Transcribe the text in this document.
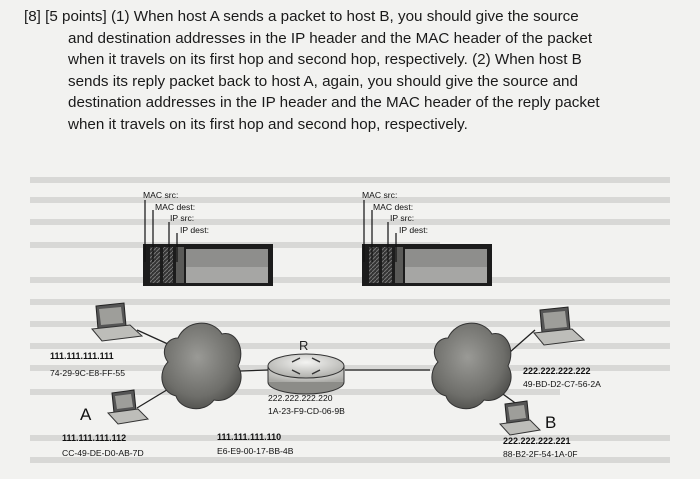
[8] [5 points] (1) When host A sends a packet to host B, you should give the source
and destination addresses in the IP header and the MAC header of the packet
when it travels on its first hop and second hop, respectively. (2) When host B
sends its reply packet back to host A, again, you should give the source and
destination addresses in the IP header and the MAC header of the reply packet
when it travels on its first hop and second hop, respectively.

MAC src:
MAC dest:
IP src:
IP dest:
MAC src:
MAC dest:
IP src:
IP dest:
R
111.111.111.111
74-29-9C-E8-FF-55
A
111.111.111.112
CC-49-DE-D0-AB-7D
222.222.222.220
1A-23-F9-CD-06-9B
111.111.111.110
E6-E9-00-17-BB-4B
222.222.222.222
49-BD-D2-C7-56-2A
B
222.222.222.221
88-B2-2F-54-1A-0F
